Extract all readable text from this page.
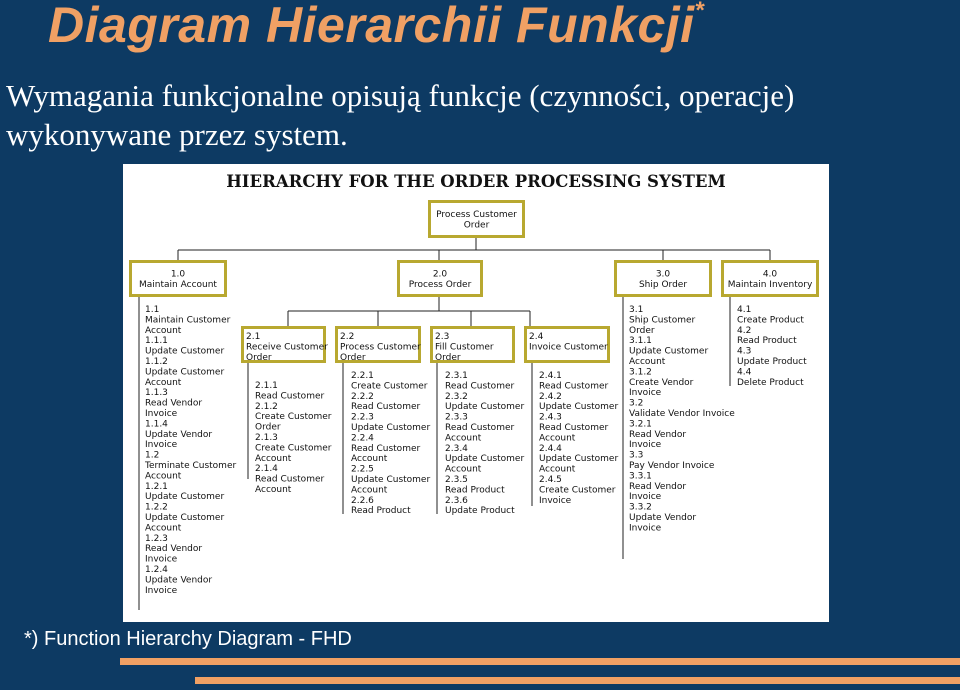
Diagram Hierarchii Funkcji*
Wymagania funkcjonalne opisują funkcje (czynności, operacje) wykonywane przez system.
HIERARCHY FOR THE ORDER PROCESSING SYSTEM
Process Customer
Order
1.0
Maintain Account
2.0
Process Order
3.0
Ship Order
4.0
Maintain Inventory
2.1
Receive Customer
Order
2.2
Process Customer
Order
2.3
Fill Customer
Order
2.4
Invoice Customer
1.1
Maintain Customer
Account
1.1.1
Update Customer
1.1.2
Update Customer
Account
1.1.3
Read Vendor
Invoice
1.1.4
Update Vendor
Invoice
1.2
Terminate Customer
Account
1.2.1
Update Customer
1.2.2
Update Customer
Account
1.2.3
Read Vendor
Invoice
1.2.4
Update Vendor
Invoice
2.1.1
Read Customer
2.1.2
Create Customer
Order
2.1.3
Create Customer
Account
2.1.4
Read Customer
Account
2.2.1
Create Customer
2.2.2
Read Customer
2.2.3
Update Customer
2.2.4
Read Customer
Account
2.2.5
Update Customer
Account
2.2.6
Read Product
2.3.1
Read Customer
2.3.2
Update Customer
2.3.3
Read Customer
Account
2.3.4
Update Customer
Account
2.3.5
Read Product
2.3.6
Update Product
2.4.1
Read Customer
2.4.2
Update Customer
2.4.3
Read Customer
Account
2.4.4
Update Customer
Account
2.4.5
Create Customer
Invoice
3.1
Ship Customer
Order
3.1.1
Update Customer
Account
3.1.2
Create Vendor
Invoice
3.2
Validate Vendor Invoice
3.2.1
Read Vendor
Invoice
3.3
Pay Vendor Invoice
3.3.1
Read Vendor
Invoice
3.3.2
Update Vendor
Invoice
4.1
Create Product
4.2
Read Product
4.3
Update Product
4.4
Delete Product
*) Function Hierarchy Diagram - FHD
